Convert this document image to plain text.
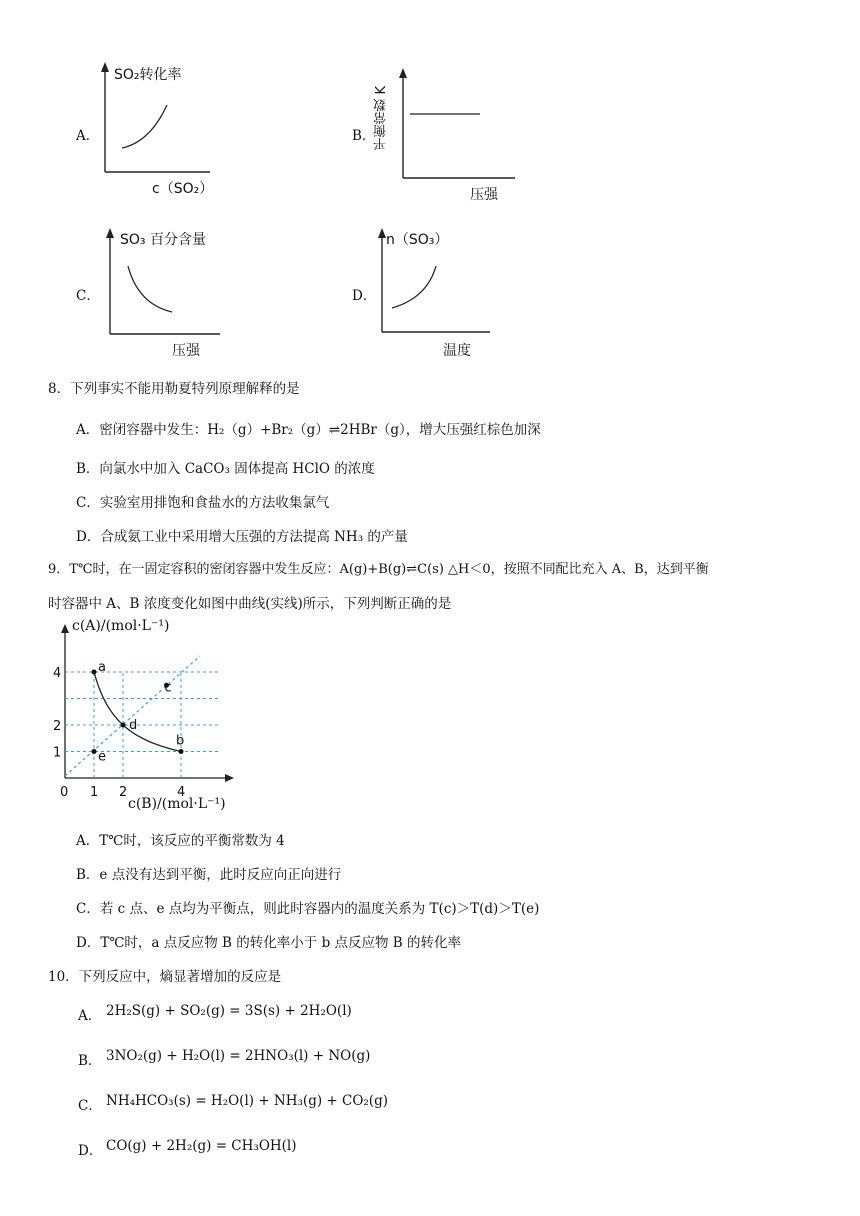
A．
SO₂转化率
c（SO₂）
B．
平衡常数 K
压强
C．
SO₃ 百分含量
压强
D．
n（SO₃）
温度
8．下列事实不能用勒夏特列原理解释的是
A．密闭容器中发生：H₂（g）+Br₂（g）⇌2HBr（g），增大压强红棕色加深
B．向氯水中加入 CaCO₃ 固体提高 HClO 的浓度
C．实验室用排饱和食盐水的方法收集氯气
D．合成氨工业中采用增大压强的方法提高 NH₃ 的产量
9．T℃时，在一固定容积的密闭容器中发生反应：A(g)+B(g)⇌C(s) △H＜0，按照不同配比充入 A、B，达到平衡
时容器中 A、B 浓度变化如图中曲线(实线)所示，下列判断正确的是
a
b
c
d
e
0 1 2	4
1
2
4
c(A)/(mol·L⁻¹)
c(B)/(mol·L⁻¹)
A．T℃时，该反应的平衡常数为 4
B．e 点没有达到平衡，此时反应向正向进行
C．若 c 点、e 点均为平衡点，则此时容器内的温度关系为 T(c)＞T(d)＞T(e)
D．T℃时，a 点反应物 B 的转化率小于 b 点反应物 B 的转化率
10．下列反应中，熵显著增加的反应是
A． 2H₂S(g) + SO₂(g) = 3S(s) + 2H₂O(l)
B． 3NO₂(g) + H₂O(l) = 2HNO₃(l) + NO(g)
C． NH₄HCO₃(s) = H₂O(l) + NH₃(g) + CO₂(g)
D． CO(g) + 2H₂(g) = CH₃OH(l)
